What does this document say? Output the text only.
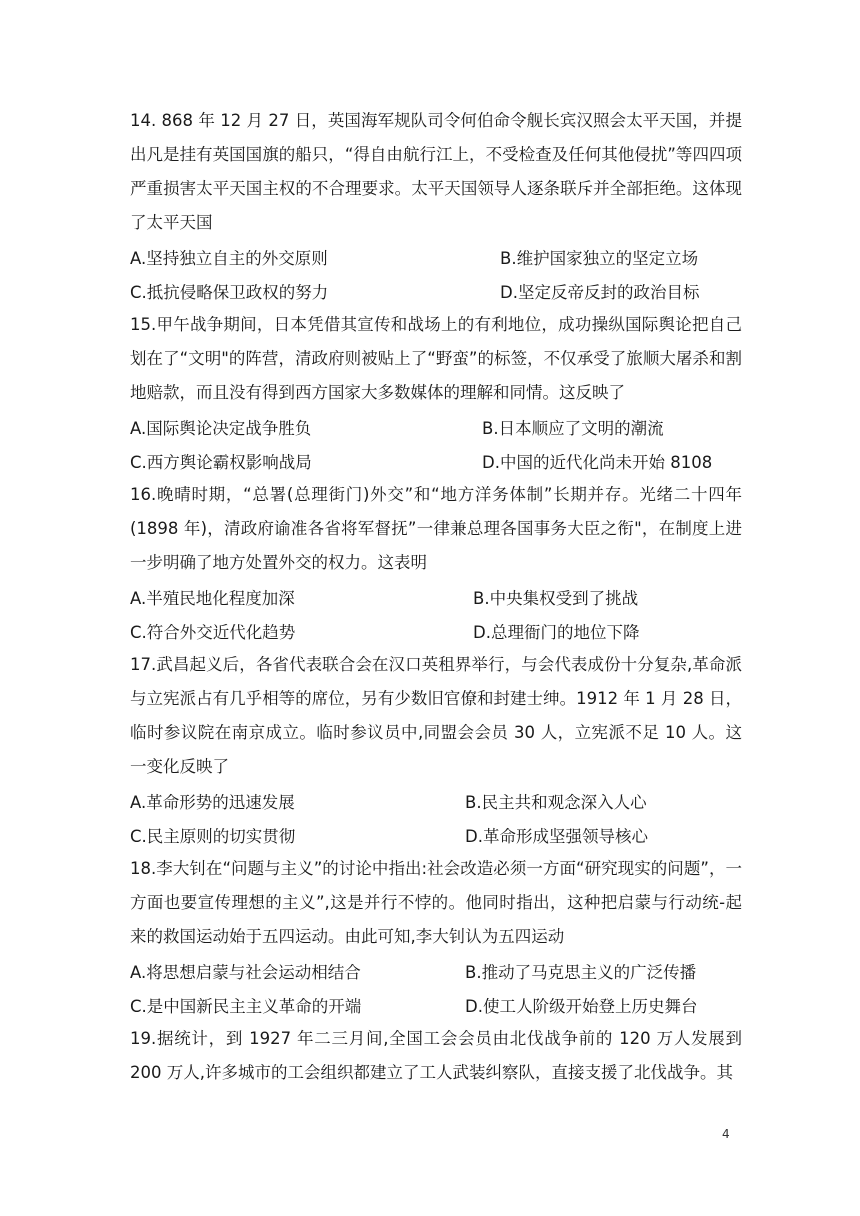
14. 868 年 12 月 27 日，英国海军规队司令何伯命令舰长宾汉照会太平天国，并提出凡是挂有英国国旗的船只，“得自由航行江上，不受检查及任何其他侵扰”等四四项严重损害太平天国主权的不合理要求。太平天国领导人逐条联斥并全部拒绝。这体现了太平天国

A.坚持独立自主的外交原则	B.维护国家独立的坚定立场
C.抵抗侵略保卫政权的努力	D.坚定反帝反封的政治目标

15.甲午战争期间，日本凭借其宣传和战场上的有利地位，成功操纵国际舆论把自己划在了“文明"的阵营，清政府则被贴上了“野蛮”的标签，不仅承受了旅顺大屠杀和割地赔款，而且没有得到西方国家大多数媒体的理解和同情。这反映了

A.国际舆论决定战争胜负	B.日本顺应了文明的潮流
C.西方舆论霸权影响战局	D.中国的近代化尚未开始 8108

16.晚晴时期，“总署(总理街门)外交”和“地方洋务体制”长期并存。光绪二十四年(1898 年)，清政府谕准各省将军督抚”一律兼总理各国事务大臣之衔"，在制度上进一步明确了地方处置外交的权力。这表明

A.半殖民地化程度加深	B.中央集权受到了挑战
C.符合外交近代化趋势	D.总理衙门的地位下降

17.武昌起义后，各省代表联合会在汉口英租界举行，与会代表成份十分复杂,革命派与立宪派占有几乎相等的席位，另有少数旧官僚和封建士绅。1912 年 1 月 28 日，临时参议院在南京成立。临时参议员中,同盟会会员 30 人，立宪派不足 10 人。这一变化反映了

A.革命形势的迅速发展	B.民主共和观念深入人心
C.民主原则的切实贯彻	D.革命形成坚强领导核心

18.李大钊在“问题与主义”的讨论中指出:社会改造必须一方面“研究现实的问题”，一方面也要宣传理想的主义”,这是并行不悖的。他同时指出，这种把启蒙与行动统-起来的救国运动始于五四运动。由此可知,李大钊认为五四运动

A.将思想启蒙与社会运动相结合	B.推动了马克思主义的广泛传播
C.是中国新民主主义革命的开端	D.使工人阶级开始登上历史舞台

19.据统计，到 1927 年二三月间,全国工会会员由北伐战争前的 120 万人发展到 200 万人,许多城市的工会组织都建立了工人武装纠察队，直接支援了北伐战争。其

4
